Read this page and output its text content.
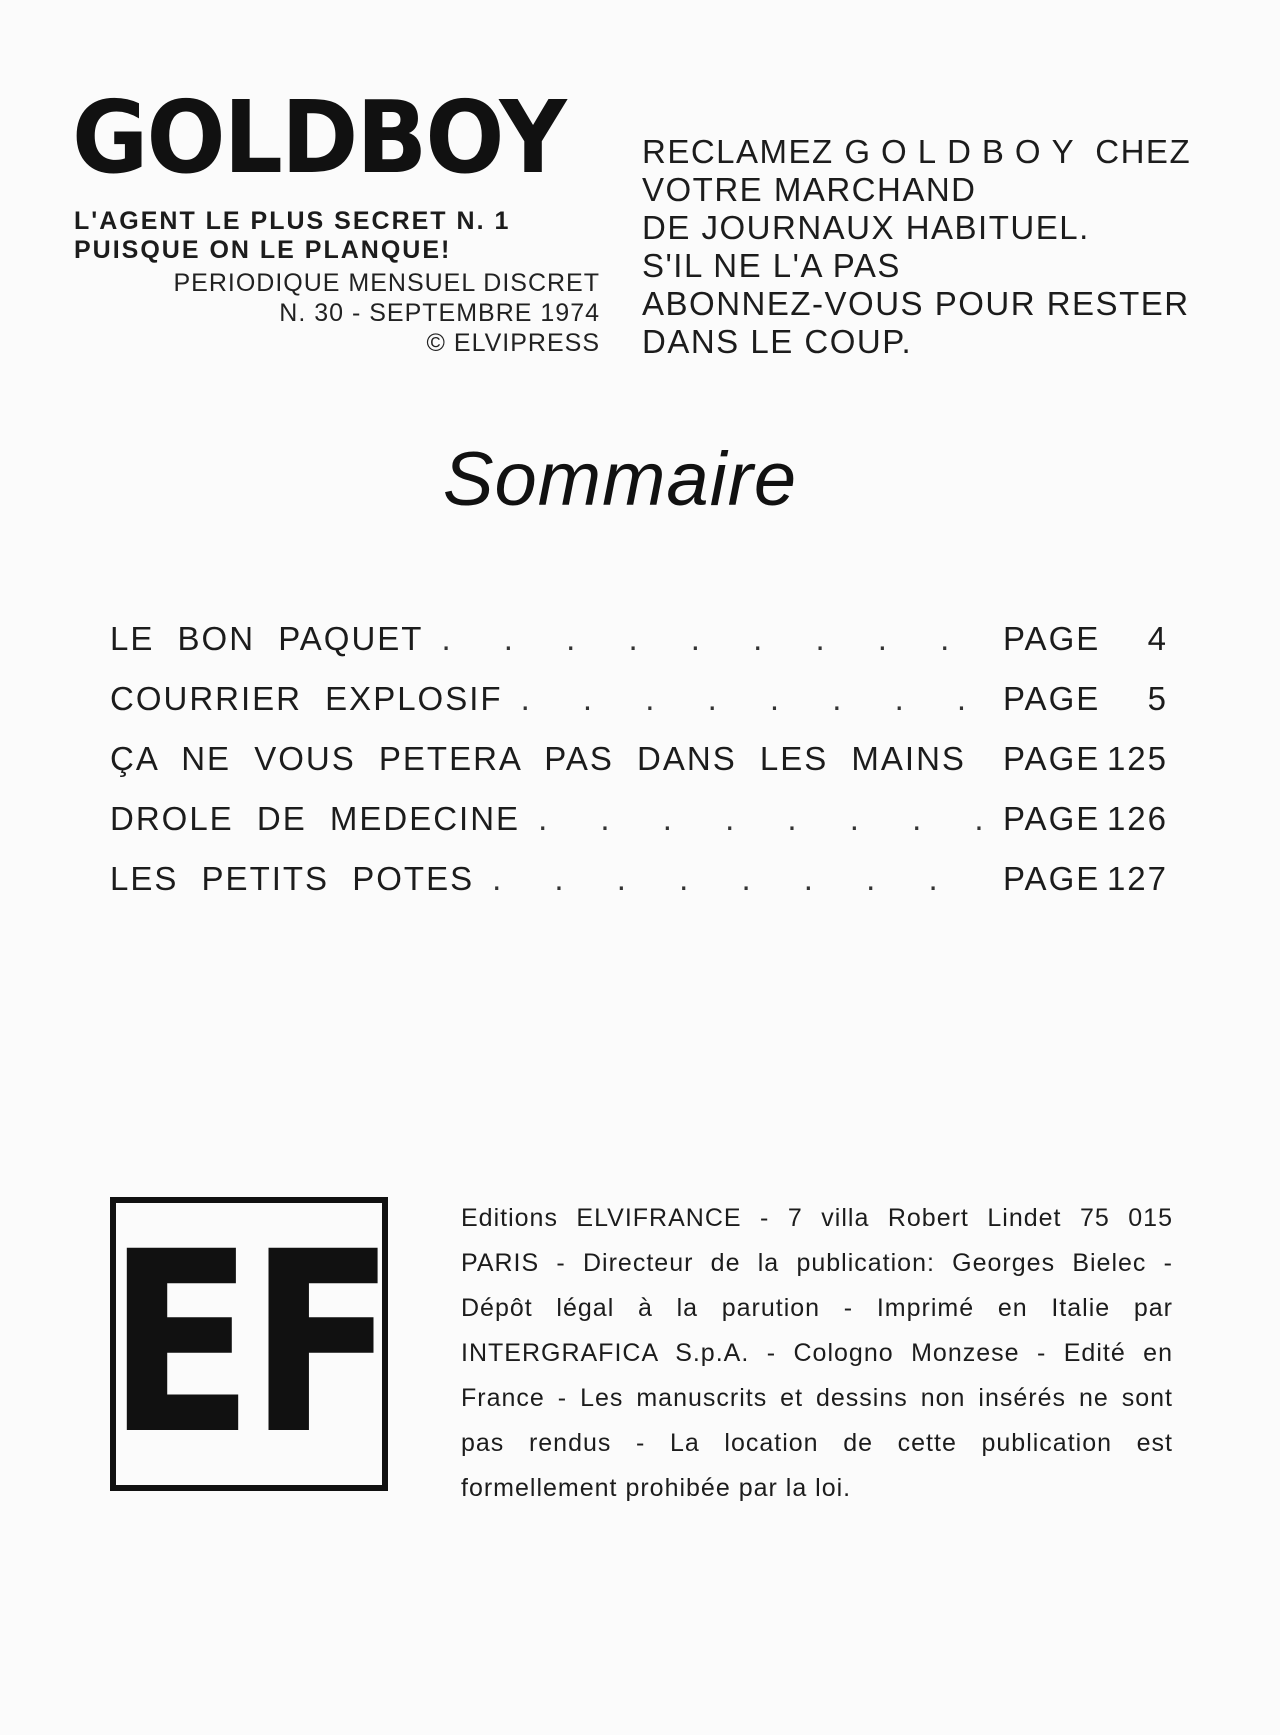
GOLDBOY
L'AGENT LE PLUS SECRET N. 1
PUISQUE ON LE PLANQUE!
PERIODIQUE MENSUEL DISCRET
N. 30 - SEPTEMBRE 1974
© ELVIPRESS
RECLAMEZ GOLDBOY CHEZ
VOTRE MARCHAND
DE JOURNAUX HABITUEL.
S'IL NE L'A PAS
ABONNEZ-VOUS POUR RESTER
DANS LE COUP.
Sommaire
LE BON PAQUET . . .	PAGE 4
COURRIER EXPLOSIF . . .	PAGE 5
ÇA NE VOUS PETERA PAS DANS LES MAINS . . . PAGE 125
DROLE DE MEDECINE . . .	PAGE 126
LES PETITS POTES . . .	PAGE 127
EF	Editions ELVIFRANCE - 7 villa Robert Lindet 75 015 PARIS - Directeur de la publication: Georges Bielec - Dépôt légal à la parution - Imprimé en Italie par INTERGRAFICA S.p.A. - Cologno Monzese - Edité en France - Les manuscrits et dessins non insérés ne sont pas rendus - La location de cette publication est formellement prohibée par la loi.
